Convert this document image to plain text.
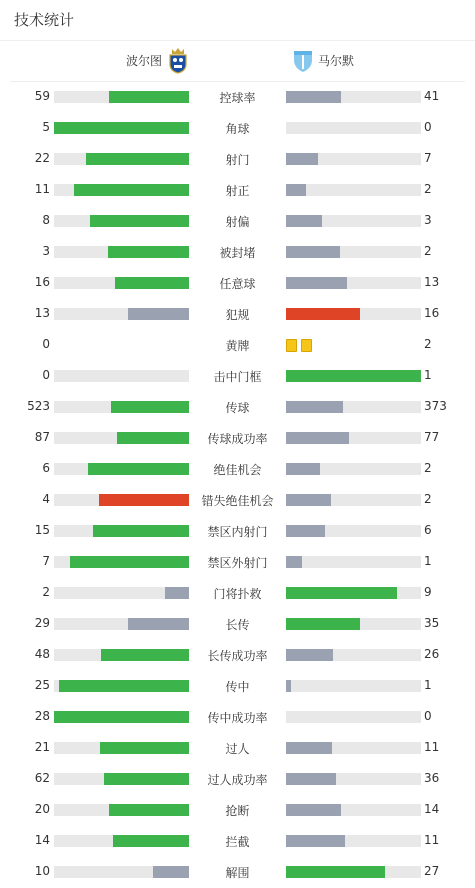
技术统计
波尔图	马尔默
59	控球率	41
5	角球	0
22	射门	7
11	射正	2
8	射偏	3
3	被封堵	2
16	任意球	13
13	犯规	16
0	黄牌	2
0	击中门框	1
523	传球	373
87	传球成功率	77
6	绝佳机会	2
4	错失绝佳机会	2
15	禁区内射门	6
7	禁区外射门	1
2	门将扑救	9
29	长传	35
48	长传成功率	26
25	传中	1
28	传中成功率	0
21	过人	11
62	过人成功率	36
20	抢断	14
14	拦截	11
10	解围	27
